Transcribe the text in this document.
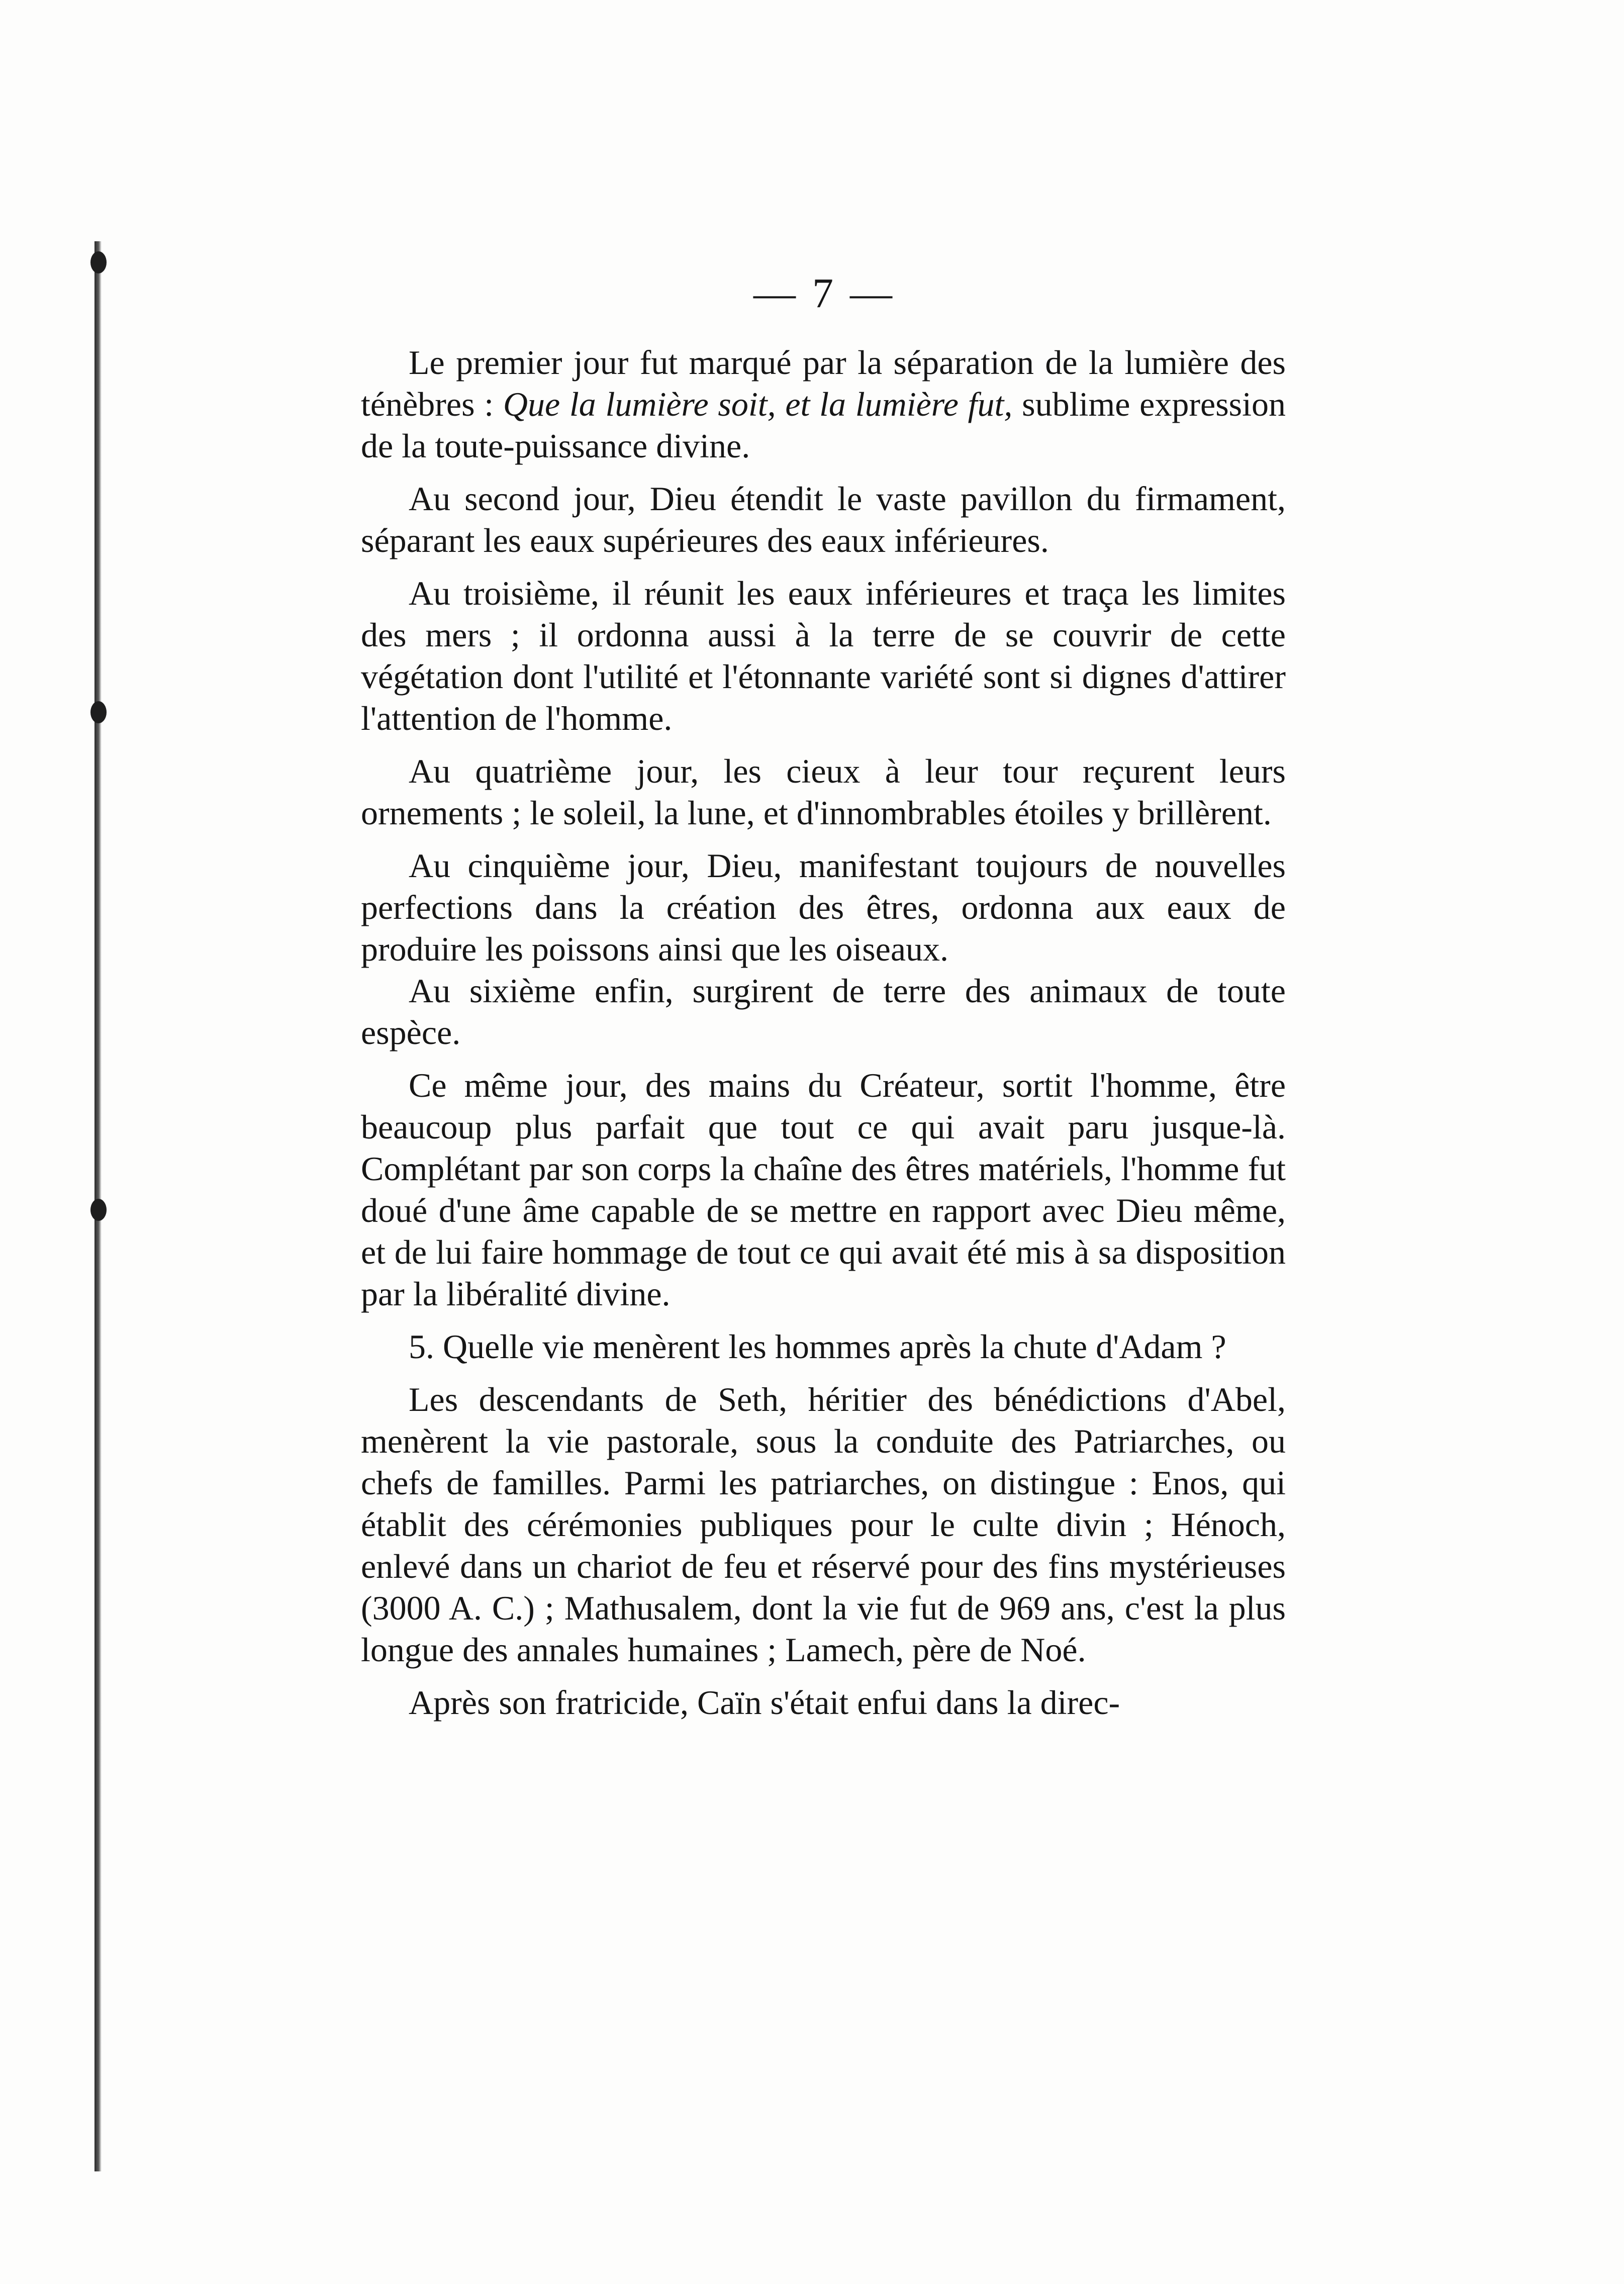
— 7 —

Le premier jour fut marqué par la séparation de la lumière des ténèbres : Que la lumière soit, et la lumière fut, sublime expression de la toute-puissance divine.

Au second jour, Dieu étendit le vaste pavillon du firmament, séparant les eaux supérieures des eaux inférieures.

Au troisième, il réunit les eaux inférieures et traça les limites des mers ; il ordonna aussi à la terre de se couvrir de cette végétation dont l'utilité et l'étonnante variété sont si dignes d'attirer l'attention de l'homme.

Au quatrième jour, les cieux à leur tour reçurent leurs ornements ; le soleil, la lune, et d'innombrables étoiles y brillèrent.

Au cinquième jour, Dieu, manifestant toujours de nouvelles perfections dans la création des êtres, ordonna aux eaux de produire les poissons ainsi que les oiseaux.

Au sixième enfin, surgirent de terre des animaux de toute espèce.

Ce même jour, des mains du Créateur, sortit l'homme, être beaucoup plus parfait que tout ce qui avait paru jusque-là. Complétant par son corps la chaîne des êtres matériels, l'homme fut doué d'une âme capable de se mettre en rapport avec Dieu même, et de lui faire hommage de tout ce qui avait été mis à sa disposition par la libéralité divine.

5. Quelle vie menèrent les hommes après la chute d'Adam ?

Les descendants de Seth, héritier des bénédictions d'Abel, menèrent la vie pastorale, sous la conduite des Patriarches, ou chefs de familles. Parmi les patriarches, on distingue : Enos, qui établit des cérémonies publiques pour le culte divin ; Hénoch, enlevé dans un chariot de feu et réservé pour des fins mystérieuses (3000 A. C.) ; Mathusalem, dont la vie fut de 969 ans, c'est la plus longue des annales humaines ; Lamech, père de Noé.

Après son fratricide, Caïn s'était enfui dans la direc-
